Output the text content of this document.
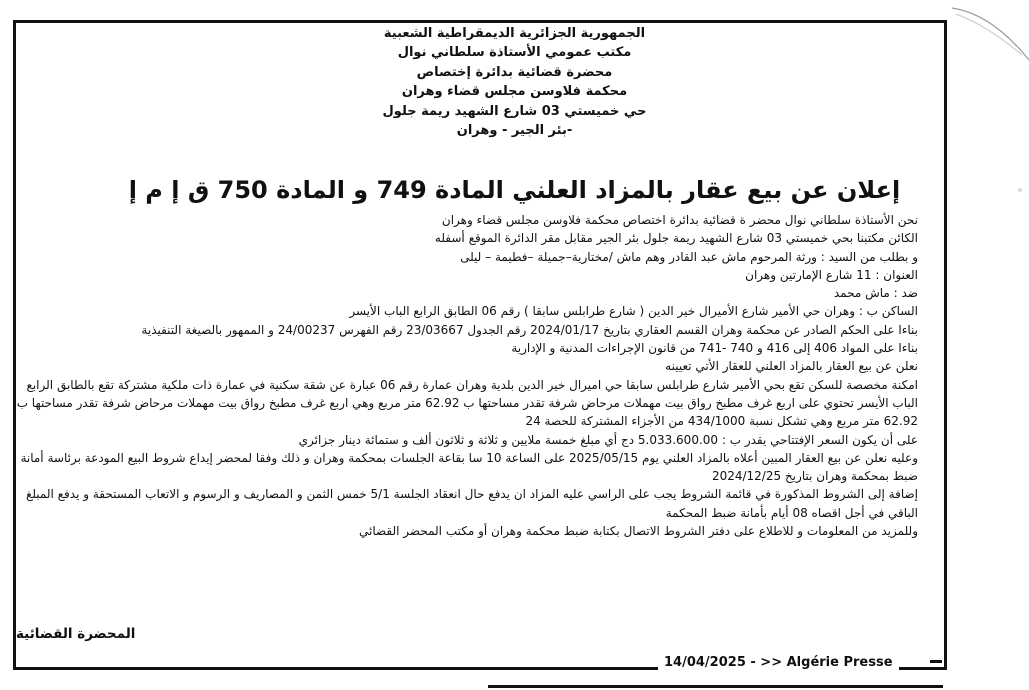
الجمهورية الجزائرية الديمقراطية الشعبية
مكتب عمومي الأستاذة سلطاني نوال
محضرة قضائية بدائرة إختصاص
محكمة فلاوسن مجلس قضاء وهران
حي خميستي 03 شارع الشهيد ريمة جلول
-بئر الجير - وهران
إعلان عن بيع عقار بالمزاد العلني المادة 749 و المادة 750 ق إ م إ
نحن الأستاذة سلطاني نوال محضر ة قضائية بدائرة اختصاص محكمة فلاوسن مجلس قضاء وهران
الكائن مكتبنا بحي خميستي 03 شارع الشهيد ريمة جلول بئر الجير مقابل مقر الدائرة الموقع أسفله
و بطلب من السيد : ورثة المرحوم ماش عبد القادر وهم ماش /مختارية–جميلة –فطيمة – ليلى
العنوان : 11 شارع الإمارتين وهران
ضد : ماش محمد
الساكن ب : وهران حي الأمير شارع الأميرال خير الدين ( شارع طرابلس سابقا ) رقم 06 الطابق الرابع الباب الأيسر
بناءا على الحكم الصادر عن محكمة وهران القسم العقاري بتاريخ 2024/01/17 رقم الجدول 23/03667 رقم الفهرس 24/00237 و الممهور بالصيغة التنفيذية
بناءا على المواد 406 إلى 416 و 740 -741 من قانون الإجراءات المدنية و الإدارية
نعلن عن بيع العقار بالمزاد العلني للعقار الأتي تعيينه
امكنة مخصصة للسكن تقع بحي الأمير شارع طرابلس سابقا حي اميرال خير الدين بلدية وهران عمارة رقم 06 عبارة عن شقة سكنية في عمارة ذات ملكية مشتركة تقع بالطابق الرابع الباب الأيسر تحتوي على اربع غرف مطبخ رواق بيت مهملات مرحاض شرفة تقدر مساحتها ب 62.92 متر مربع وهي اربع غرف مطبخ رواق بيت مهملات مرحاض شرفة تقدر مساحتها ب 62.92 متر مربع وهي تشكل نسبة 434/1000 من الأجزاء المشتركة للحصة 24
على أن يكون السعر الإفتتاحي يقدر ب : 5.033.600.00 دج أي مبلغ خمسة ملايين و ثلاثة و ثلاثون ألف و ستمائة دينار جزائري
وعليه نعلن عن بيع العقار المبين أعلاه بالمزاد العلني يوم 2025/05/15 على الساعة 10 سا بقاعة الجلسات بمحكمة وهران و ذلك وفقا لمحضر إيداع شروط البيع المودعة برئاسة أمانة ضبط بمحكمة وهران بتاريخ 2024/12/25
إضافة إلى الشروط المذكورة في قائمة الشروط يجب على الراسي عليه المزاد ان يدفع حال انعقاد الجلسة 5/1 خمس الثمن و المصاريف و الرسوم و الاتعاب المستحقة و يدفع المبلغ الباقي في أجل اقصاه 08 أيام بأمانة ضبط المحكمة
وللمزيد من المعلومات و للاطلاع على دفتر الشروط الاتصال بكتابة ضبط محكمة وهران أو مكتب المحضر القضائي
المحضرة القضائية
14/04/2025 - >> Algérie Presse
